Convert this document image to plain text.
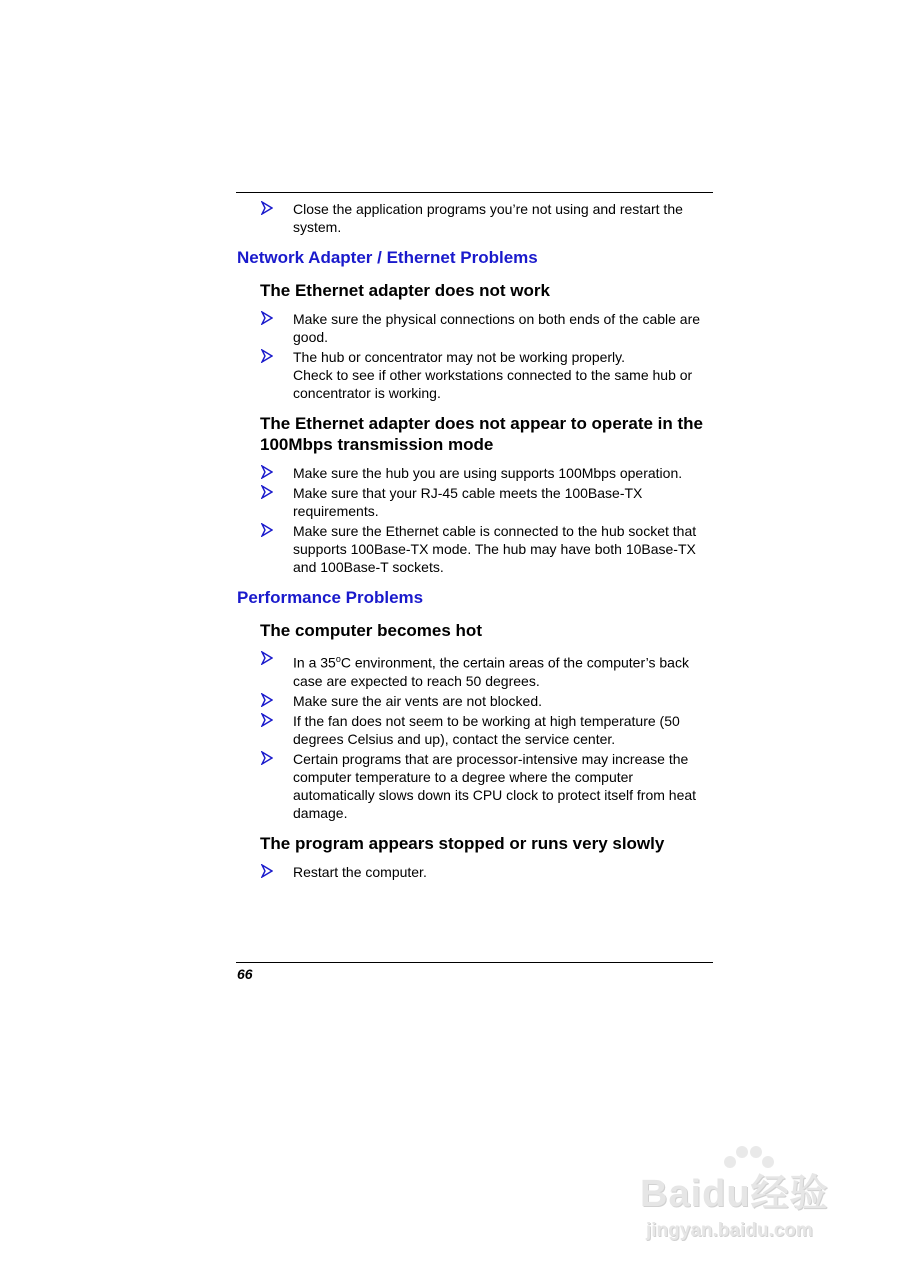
Close the application programs you’re not using and restart the system.

Network Adapter / Ethernet Problems
The Ethernet adapter does not work

Make sure the physical connections on both ends of the cable are good.

The hub or concentrator may not be working properly.

Check to see if other workstations connected to the same hub or concentrator is working.

The Ethernet adapter does not appear to operate in the 100Mbps transmission mode

Make sure the hub you are using supports 100Mbps operation.

Make sure that your RJ-45 cable meets the 100Base-TX requirements.

Make sure the Ethernet cable is connected to the hub socket that supports 100Base-TX mode. The hub may have both 10Base-TX and 100Base-T sockets.

Performance Problems
The computer becomes hot

In a 35$^o$C environment, the certain areas of the computer’s back case are expected to reach 50 degrees.

Make sure the air vents are not blocked.

If the fan does not seem to be working at high temperature (50 degrees Celsius and up), contact the service center.

Certain programs that are processor-intensive may increase the computer temperature to a degree where the computer automatically slows down its CPU clock to protect itself from heat damage.

The program appears stopped or runs very slowly

Restart the computer.

66
Baidu经验
jingyan.baidu.com
